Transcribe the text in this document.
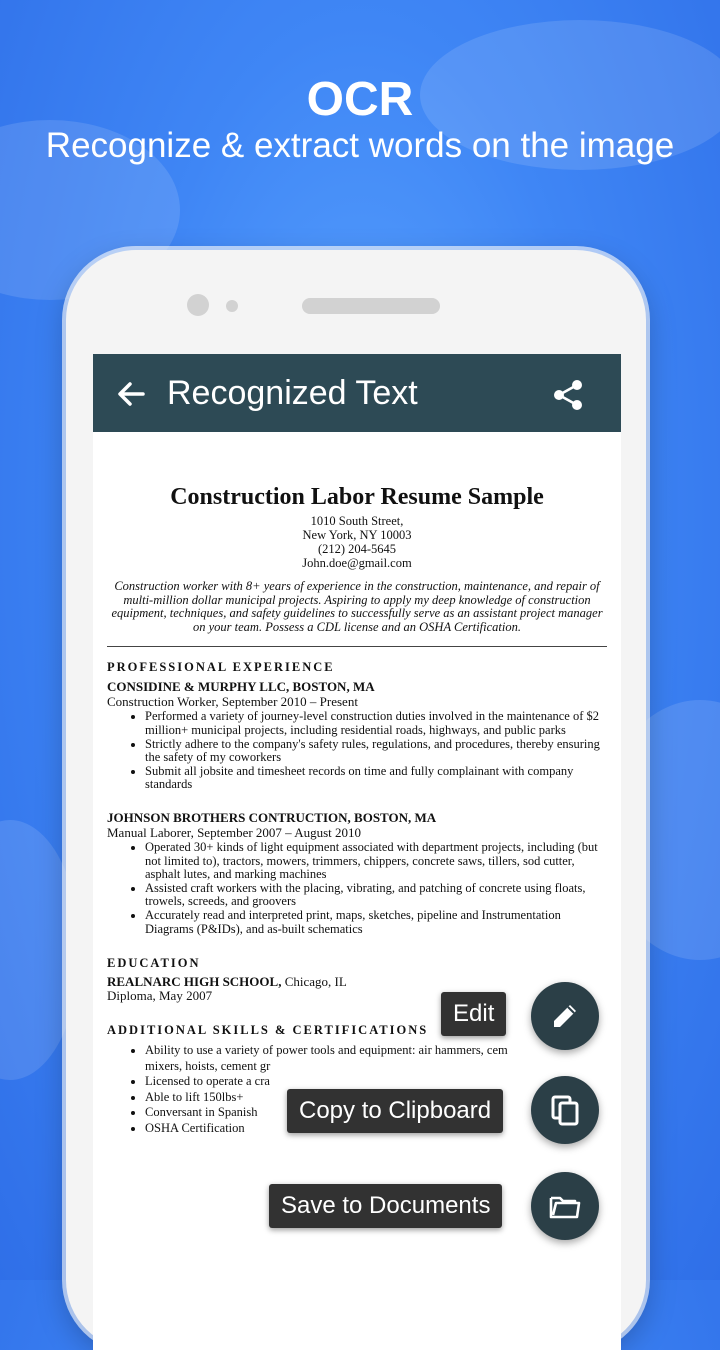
OCR
Recognize & extract words on the image
Recognized Text
Construction Labor Resume Sample
1010 South Street,
New York, NY 10003
(212) 204-5645
John.doe@gmail.com
Construction worker with 8+ years of experience in the construction, maintenance, and repair of multi-million dollar municipal projects. Aspiring to apply my deep knowledge of construction equipment, techniques, and safety guidelines to successfully serve as an assistant project manager on your team. Possess a CDL license and an OSHA Certification.
PROFESSIONAL EXPERIENCE
CONSIDINE & MURPHY LLC, BOSTON, MA
Construction Worker, September 2010 – Present
• Performed a variety of journey-level construction duties involved in the maintenance of $2 million+ municipal projects, including residential roads, highways, and public parks
• Strictly adhere to the company's safety rules, regulations, and procedures, thereby ensuring the safety of my coworkers
• Submit all jobsite and timesheet records on time and fully complainant with company standards
JOHNSON BROTHERS CONTRUCTION, BOSTON, MA
Manual Laborer, September 2007 – August 2010
• Operated 30+ kinds of light equipment associated with department projects, including (but not limited to), tractors, mowers, trimmers, chippers, concrete saws, tillers, sod cutter, asphalt lutes, and marking machines
• Assisted craft workers with the placing, vibrating, and patching of concrete using floats, trowels, screeds, and groovers
• Accurately read and interpreted print, maps, sketches, pipeline and Instrumentation Diagrams (P&IDs), and as-built schematics
EDUCATION
REALNARC HIGH SCHOOL, Chicago, IL
Diploma, May 2007
ADDITIONAL SKILLS & CERTIFICATIONS
• Ability to use a variety of power tools and equipment: air hammers, cem
mixers, hoists, cement gr
• Licensed to operate a cra
• Able to lift 150lbs+
• Conversant in Spanish
• OSHA Certification
Edit
Copy to Clipboard
Save to Documents
